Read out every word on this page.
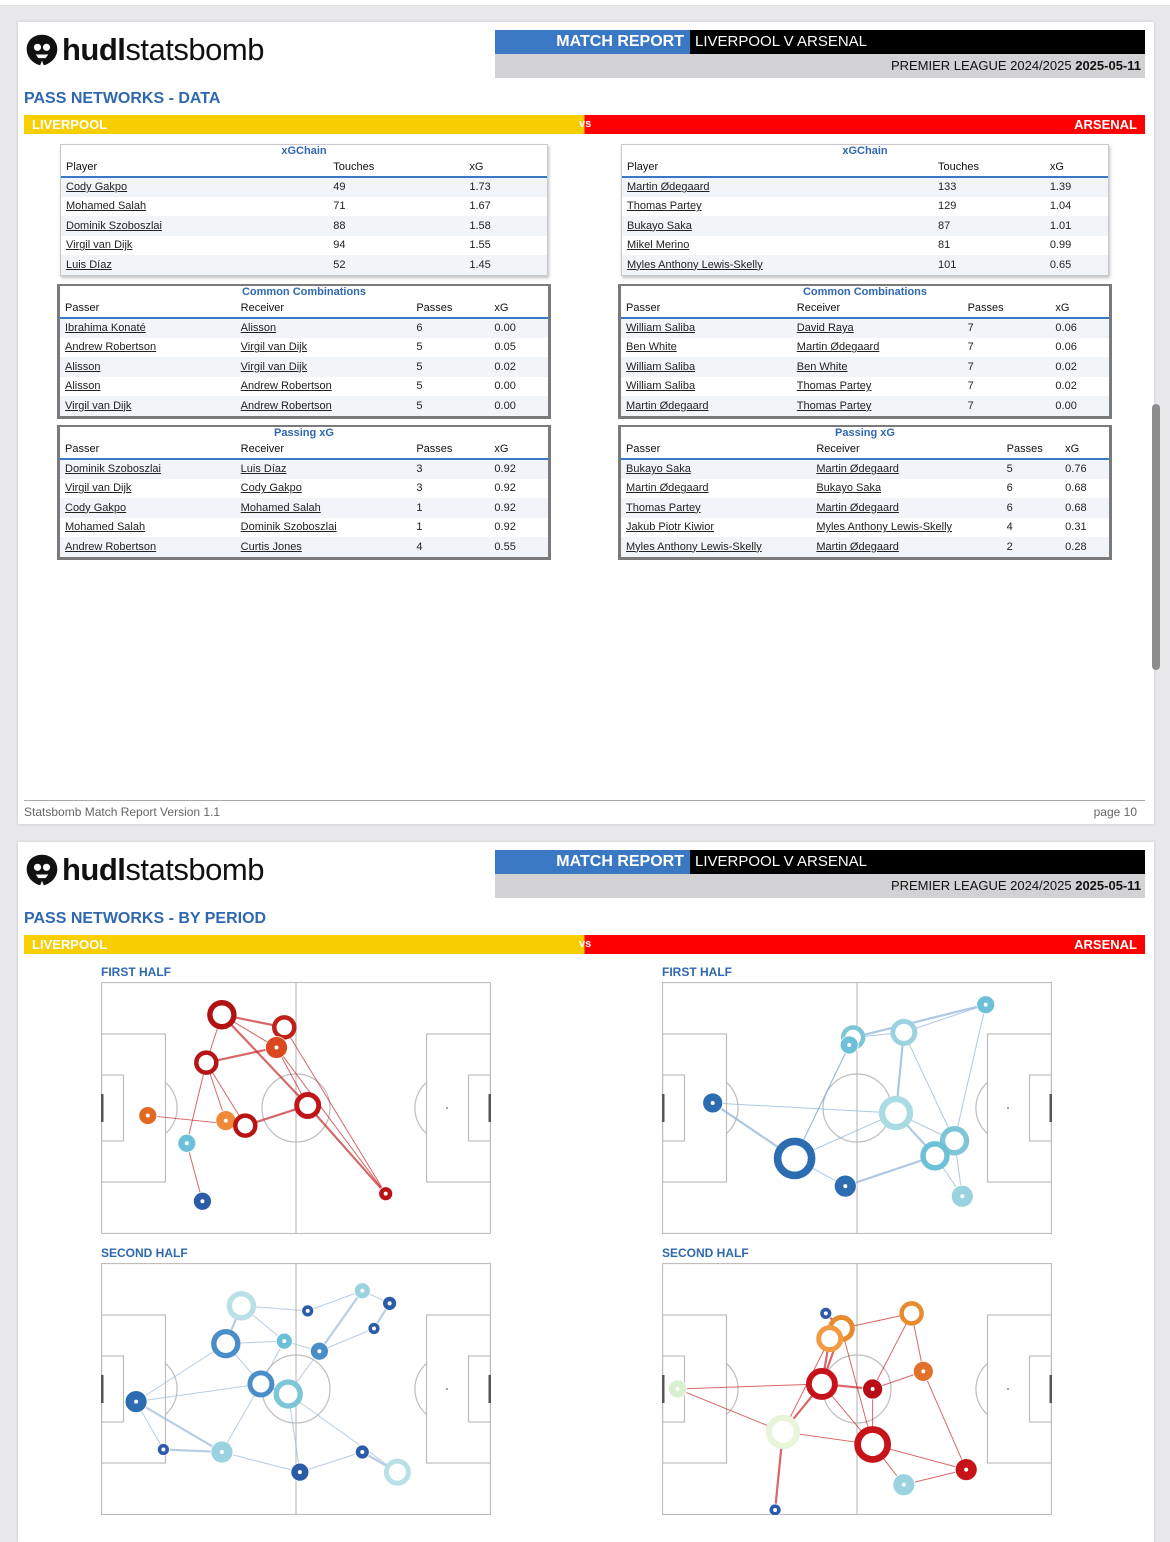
hudl statsbomb	MATCH REPORT LIVERPOOL V ARSENAL
PREMIER LEAGUE 2024/2025 2025-05-11
PASS NETWORKS - DATA
LIVERPOOL	vs	ARSENAL
xGChain
Player	Touches	xG
Cody Gakpo	49	1.73
Mohamed Salah	71	1.67
Dominik Szoboszlai	88	1.58
Virgil van Dijk	94	1.55
Luis Díaz	52	1.45
Common Combinations
Passer	Receiver	Passes	xG
Ibrahima Konaté	Alisson	6	0.00
Andrew Robertson	Virgil van Dijk	5	0.05
Alisson	Virgil van Dijk	5	0.02
Alisson	Andrew Robertson	5	0.00
Virgil van Dijk	Andrew Robertson	5	0.00
Passing xG
Passer	Receiver	Passes	xG
Dominik Szoboszlai	Luis Díaz	3	0.92
Virgil van Dijk	Cody Gakpo	3	0.92
Cody Gakpo	Mohamed Salah	1	0.92
Mohamed Salah	Dominik Szoboszlai	1	0.92
Andrew Robertson	Curtis Jones	4	0.55
xGChain
Player	Touches	xG
Martin Ødegaard	133	1.39
Thomas Partey	129	1.04
Bukayo Saka	87	1.01
Mikel Merino	81	0.99
Myles Anthony Lewis-Skelly	101	0.65
Common Combinations
Passer	Receiver	Passes	xG
William Saliba	David Raya	7	0.06
Ben White	Martin Ødegaard	7	0.06
William Saliba	Ben White	7	0.02
William Saliba	Thomas Partey	7	0.02
Martin Ødegaard	Thomas Partey	7	0.00
Passing xG
Passer	Receiver	Passes	xG
Bukayo Saka	Martin Ødegaard	5	0.76
Martin Ødegaard	Bukayo Saka	6	0.68
Thomas Partey	Martin Ødegaard	6	0.68
Jakub Piotr Kiwior	Myles Anthony Lewis-Skelly	4	0.31
Myles Anthony Lewis-Skelly	Martin Ødegaard	2	0.28
Statsbomb Match Report Version 1.1	page 10
hudl statsbomb	MATCH REPORT LIVERPOOL V ARSENAL
PREMIER LEAGUE 2024/2025 2025-05-11
PASS NETWORKS - BY PERIOD
LIVERPOOL	vs	ARSENAL
FIRST HALF	FIRST HALF
SECOND HALF	SECOND HALF
